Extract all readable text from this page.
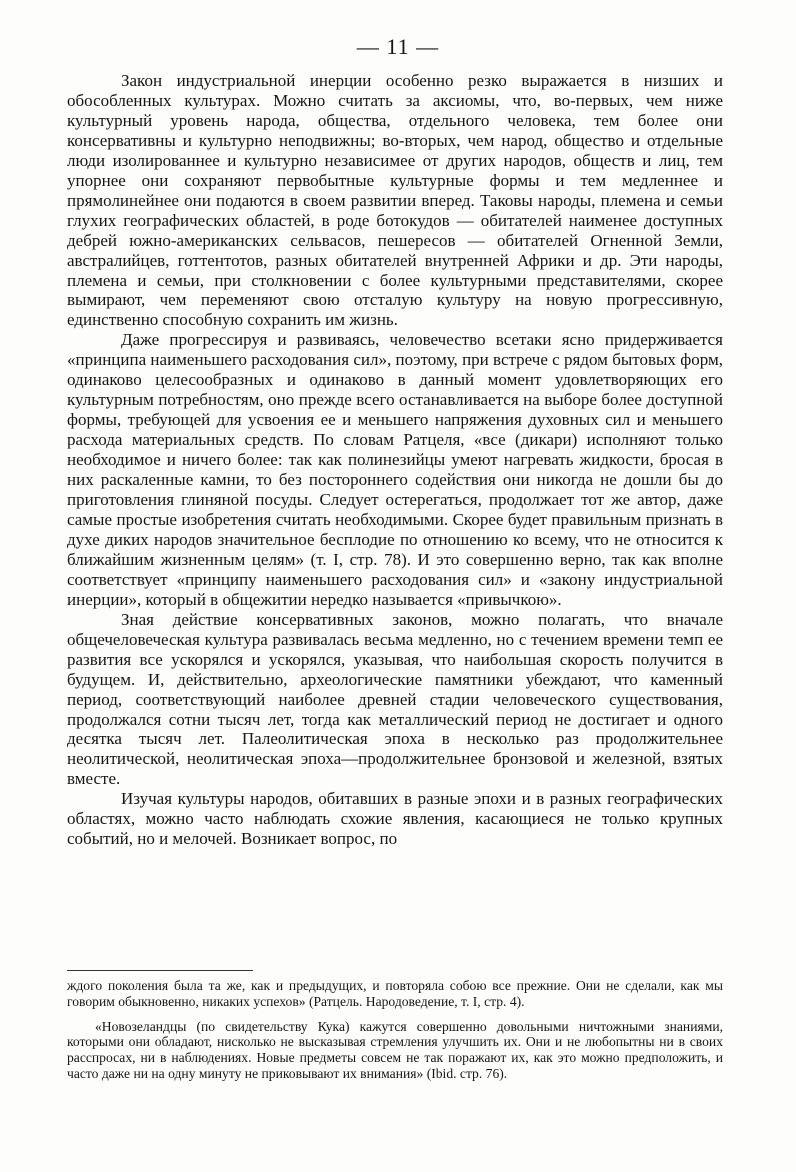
— 11 —

Закон индустриальной инерции особенно резко выражается в низших и обособленных культурах. Можно считать за аксиомы, что, во-первых, чем ниже культурный уровень народа, общества, отдельного человека, тем более они консервативны и культурно неподвижны; во-вторых, чем народ, общество и отдельные люди изолированнее и культурно независимее от других народов, обществ и лиц, тем упорнее они сохраняют первобытные культурные формы и тем медленнее и прямолинейнее они подаются в своем развитии вперед. Таковы народы, племена и семьи глухих географических областей, в роде ботокудов — обитателей наименее доступных дебрей южно-американских сельвасов, пешересов — обитателей Огненной Земли, австралийцев, готтентотов, разных обитателей внутренней Африки и др. Эти народы, племена и семьи, при столкновении с более культурными представителями, скорее вымирают, чем переменяют свою отсталую культуру на новую прогрессивную, единственно способную сохранить им жизнь.

Даже прогрессируя и развиваясь, человечество всетаки ясно придерживается «принципа наименьшего расходования сил», поэтому, при встрече с рядом бытовых форм, одинаково целесообразных и одинаково в данный момент удовлетворяющих его культурным потребностям, оно прежде всего останавливается на выборе более доступной формы, требующей для усвоения ее и меньшего напряжения духовных сил и меньшего расхода материальных средств. По словам Ратцеля, «все (дикари) исполняют только необходимое и ничего более: так как полинезийцы умеют нагревать жидкости, бросая в них раскаленные камни, то без постороннего содействия они никогда не дошли бы до приготовления глиняной посуды. Следует остерегаться, продолжает тот же автор, даже самые простые изобретения считать необходимыми. Скорее будет правильным признать в духе диких народов значительное бесплодие по отношению ко всему, что не относится к ближайшим жизненным целям» (т. I, стр. 78). И это совершенно верно, так как вполне соответствует «принципу наименьшего расходования сил» и «закону индустриальной инерции», который в общежитии нередко называется «привычкою».

Зная действие консервативных законов, можно полагать, что вначале общечеловеческая культура развивалась весьма медленно, но с течением времени темп ее развития все ускорялся и ускорялся, указывая, что наибольшая скорость получится в будущем. И, действительно, археологические памятники убеждают, что каменный период, соответствующий наиболее древней стадии человеческого существования, продолжался сотни тысяч лет, тогда как металлический период не достигает и одного десятка тысяч лет. Палеолитическая эпоха в несколько раз продолжительнее неолитической, неолитическая эпоха—продолжительнее бронзовой и железной, взятых вместе.

Изучая культуры народов, обитавших в разные эпохи и в разных географических областях, можно часто наблюдать схожие явления, касающиеся не только крупных событий, но и мелочей. Возникает вопрос, по

ждого поколения была та же, как и предыдущих, и повторяла собою все прежние. Они не сделали, как мы говорим обыкновенно, никаких успехов» (Ратцель. Народоведение, т. I, стр. 4).

«Новозеландцы (по свидетельству Кука) кажутся совершенно довольными ничтожными знаниями, которыми они обладают, нисколько не высказывая стремления улучшить их. Они и не любопытны ни в своих расспросах, ни в наблюдениях. Новые предметы совсем не так поражают их, как это можно предположить, и часто даже ни на одну минуту не приковывают их внимания» (Ibid. стр. 76).
